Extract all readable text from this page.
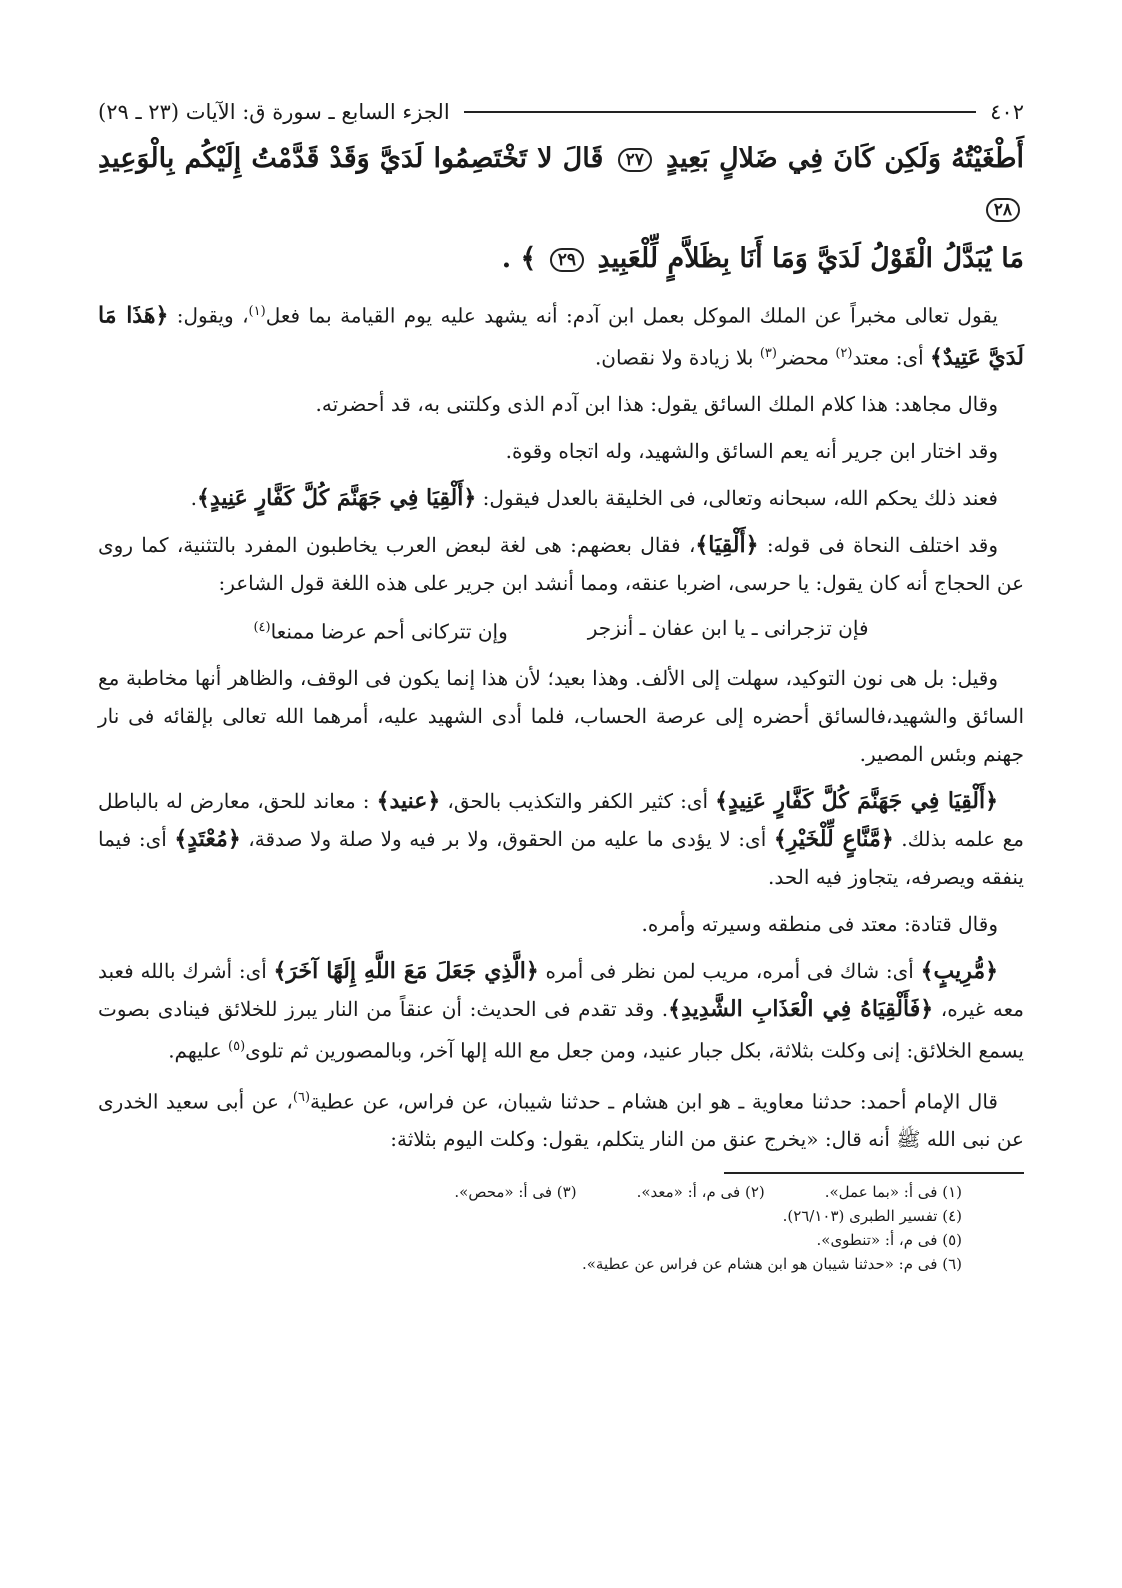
٤٠٢
الجزء السابع ـ سورة ق: الآيات (٢٣ ـ ٢٩)
أَطْغَيْتُهُ وَلَكِن كَانَ فِي ضَلالٍ بَعِيدٍ ٢٧ قَالَ لا تَخْتَصِمُوا لَدَيَّ وَقَدْ قَدَّمْتُ إِلَيْكُم بِالْوَعِيدِ ٢٨
مَا يُبَدَّلُ الْقَوْلُ لَدَيَّ وَمَا أَنَا بِظَلاَّمٍ لِّلْعَبِيدِ ٢٩ ﴾ .

يقول تعالى مخبراً عن الملك الموكل بعمل ابن آدم: أنه يشهد عليه يوم القيامة بما فعل$^{(١)}$، ويقول: ﴿هَذَا مَا لَدَيَّ عَتِيدٌ﴾ أى: معتد$^{(٢)}$ محضر$^{(٣)}$ بلا زيادة ولا نقصان.

وقال مجاهد: هذا كلام الملك السائق يقول: هذا ابن آدم الذى وكلتنى به، قد أحضرته.

وقد اختار ابن جرير أنه يعم السائق والشهيد، وله اتجاه وقوة.

فعند ذلك يحكم الله، سبحانه وتعالى، فى الخليقة بالعدل فيقول: ﴿أَلْقِيَا فِي جَهَنَّمَ كُلَّ كَفَّارٍ عَنِيدٍ﴾.

وقد اختلف النحاة فى قوله: ﴿أَلْقِيَا﴾، فقال بعضهم: هى لغة لبعض العرب يخاطبون المفرد بالتثنية، كما روى عن الحجاج أنه كان يقول: يا حرسى، اضربا عنقه، ومما أنشد ابن جرير على هذه اللغة قول الشاعر:

فإن تزجرانى ـ يا ابن عفان ـ أنزجر
وإن تتركانى أحم عرضا ممنعا$^{(٤)}$

وقيل: بل هى نون التوكيد، سهلت إلى الألف. وهذا بعيد؛ لأن هذا إنما يكون فى الوقف، والظاهر أنها مخاطبة مع السائق والشهيد،فالسائق أحضره إلى عرصة الحساب، فلما أدى الشهيد عليه، أمرهما الله تعالى بإلقائه فى نار جهنم وبئس المصير.

﴿أَلْقِيَا فِي جَهَنَّمَ كُلَّ كَفَّارٍ عَنِيدٍ﴾ أى: كثير الكفر والتكذيب بالحق، ﴿عنيد﴾ : معاند للحق، معارض له بالباطل مع علمه بذلك. ﴿مَّنَّاعٍ لِّلْخَيْرِ﴾ أى: لا يؤدى ما عليه من الحقوق، ولا بر فيه ولا صلة ولا صدقة، ﴿مُعْتَدٍ﴾ أى: فيما ينفقه ويصرفه، يتجاوز فيه الحد.

وقال قتادة: معتد فى منطقه وسيرته وأمره.

﴿مُّرِيبٍ﴾ أى: شاك فى أمره، مريب لمن نظر فى أمره ﴿الَّذِي جَعَلَ مَعَ اللَّهِ إِلَهًا آخَرَ﴾ أى: أشرك بالله فعبد معه غيره، ﴿فَأَلْقِيَاهُ فِي الْعَذَابِ الشَّدِيدِ﴾. وقد تقدم فى الحديث: أن عنقاً من النار يبرز للخلائق فينادى بصوت يسمع الخلائق: إنى وكلت بثلاثة، بكل جبار عنيد، ومن جعل مع الله إلها آخر، وبالمصورين ثم تلوى$^{(٥)}$ عليهم.

قال الإمام أحمد: حدثنا معاوية ـ هو ابن هشام ـ حدثنا شيبان، عن فراس، عن عطية$^{(٦)}$، عن أبى سعيد الخدرى عن نبى الله ﷺ أنه قال: «يخرج عنق من النار يتكلم، يقول: وكلت اليوم بثلاثة:

(١) فى أ: «بما عمل».
(٢) فى م، أ: «معد».
(٣) فى أ: «محص».
(٤) تفسير الطبرى (٢٦/١٠٣).
(٥) فى م، أ: «تنطوى».
(٦) فى م: «حدثنا شيبان هو ابن هشام عن فراس عن عطية».
